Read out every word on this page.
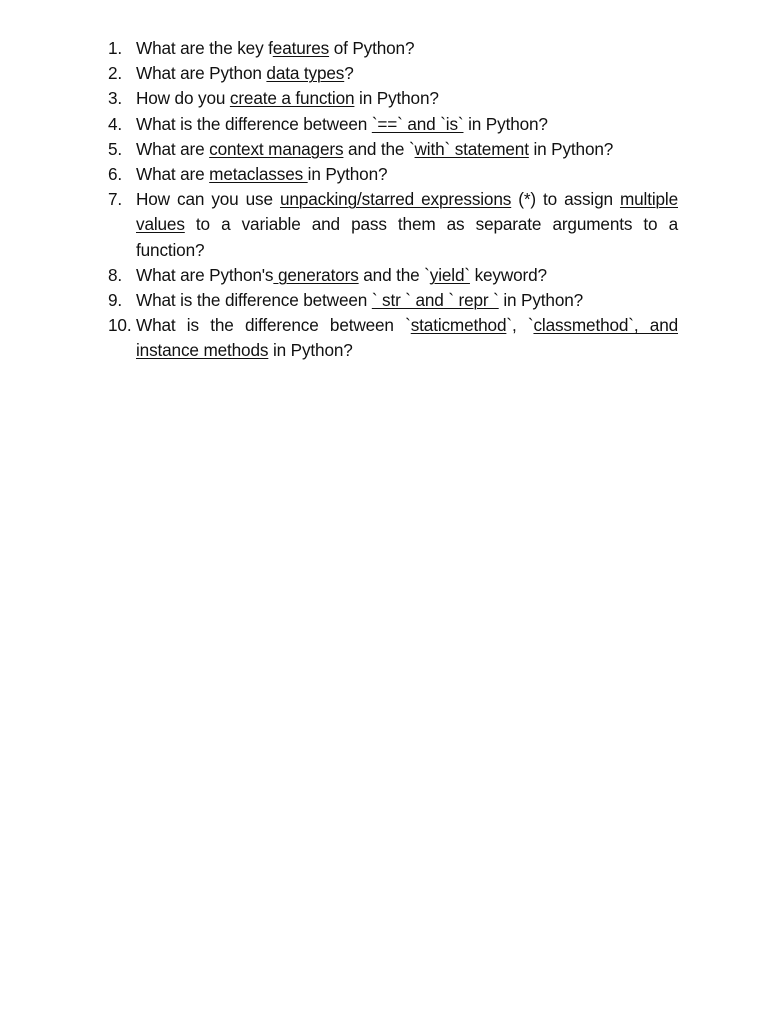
1. What are the key features of Python?
2. What are Python data types?
3. How do you create a function in Python?
4. What is the difference between `==` and `is` in Python?
5. What are context managers and the `with` statement in Python?
6. What are metaclasses in Python?
7. How can you use unpacking/starred expressions (*) to assign multiple values to a variable and pass them as separate arguments to a function?
8. What are Python's generators and the `yield` keyword?
9. What is the difference between ` str ` and ` repr ` in Python?
10. What is the difference between `staticmethod`, `classmethod`, and instance methods in Python?
